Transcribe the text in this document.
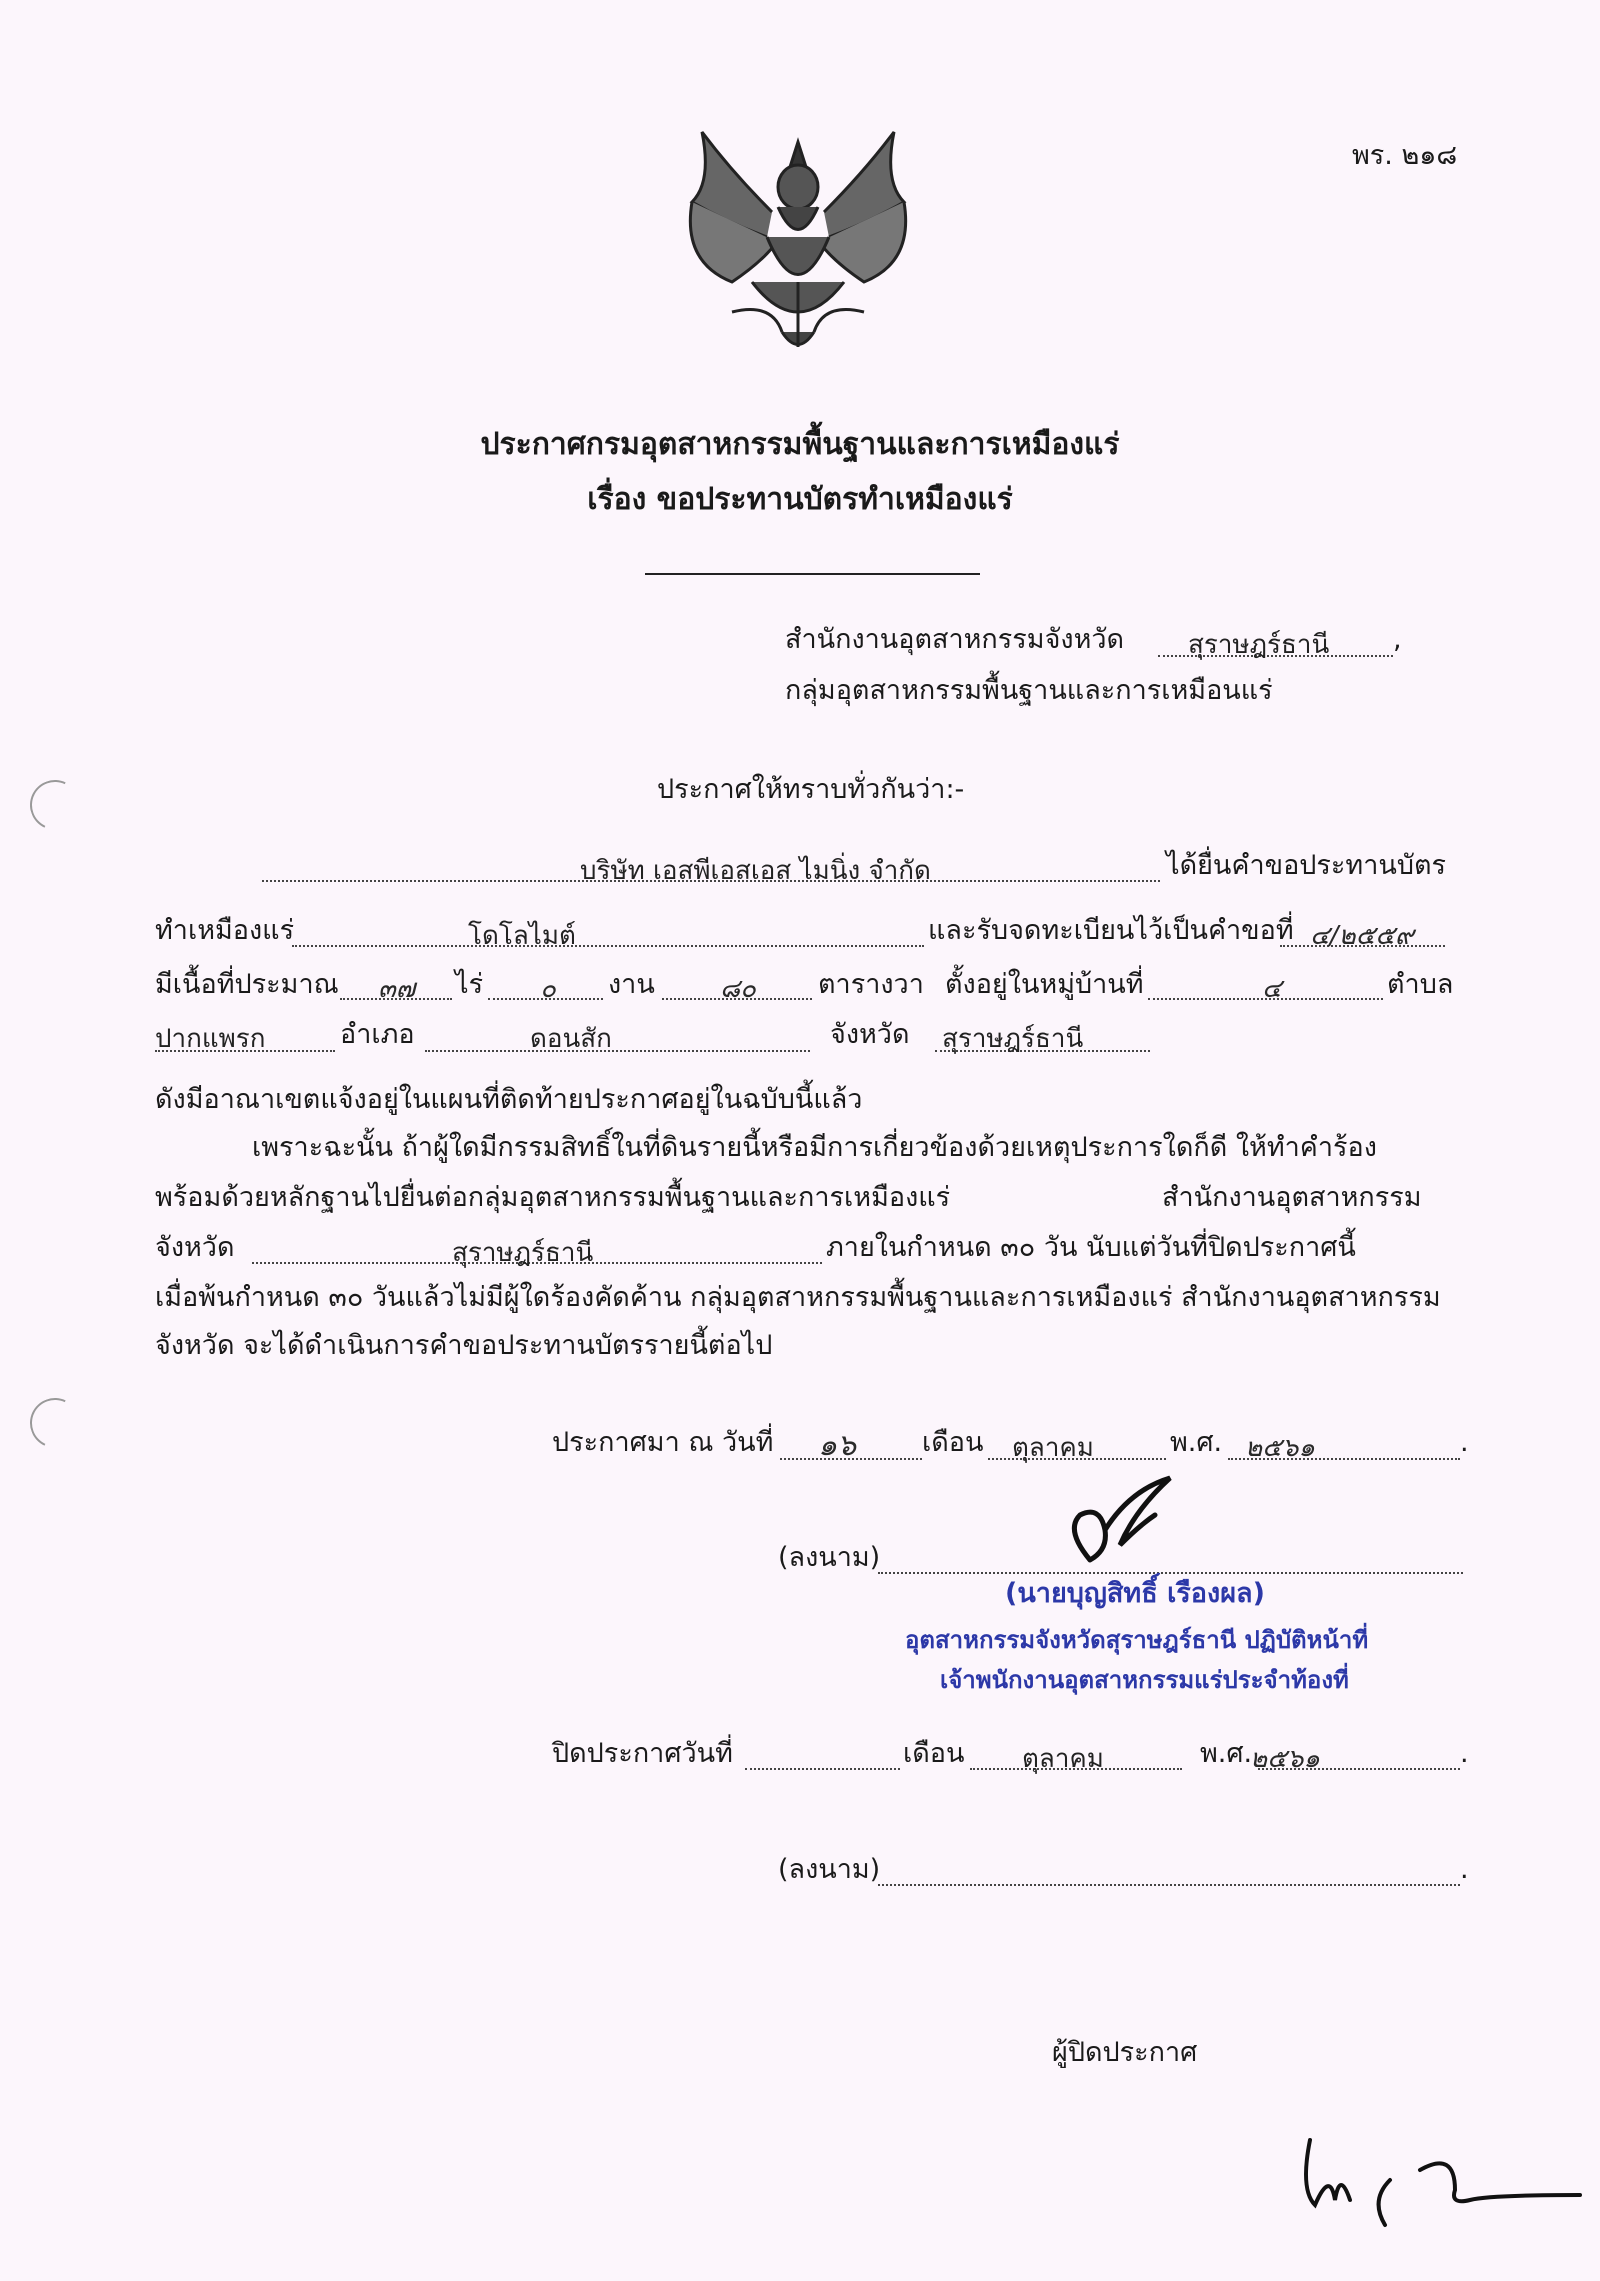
พร. ๒๑๘
ประกาศกรมอุตสาหกรรมพื้นฐานและการเหมืองแร่
เรื่อง ขอประทานบัตรทำเหมืองแร่
สำนักงานอุตสาหกรรมจังหวัด สุราษฎร์ธานี ,
กลุ่มอุตสาหกรรมพื้นฐานและการเหมือนแร่
ประกาศให้ทราบทั่วกันว่า:-
บริษัท เอสพีเอสเอส ไมนิ่ง จำกัด	ได้ยื่นคำขอประทานบัตร
ทำเหมืองแร่	โดโลไมต์	และรับจดทะเบียนไว้เป็นคำขอที่ ๔/๒๕๕๙
มีเนื้อที่ประมาณ ๓๗ ไร่ ๐ งาน	๘๐ ตารางวา ตั้งอยู่ในหมู่บ้านที่	๔	ตำบล
ปากแพรก	อำเภอ	ดอนสัก	จังหวัด สุราษฎร์ธานี
ดังมีอาณาเขตแจ้งอยู่ในแผนที่ติดท้ายประกาศอยู่ในฉบับนี้แล้ว
เพราะฉะนั้น ถ้าผู้ใดมีกรรมสิทธิ์ในที่ดินรายนี้หรือมีการเกี่ยวข้องด้วยเหตุประการใดก็ดี ให้ทำคำร้อง
พร้อมด้วยหลักฐานไปยื่นต่อกลุ่มอุตสาหกรรมพื้นฐานและการเหมืองแร่	สำนักงานอุตสาหกรรม
จังหวัด	สุราษฎร์ธานี	ภายในกำหนด ๓๐ วัน นับแต่วันที่ปิดประกาศนี้
เมื่อพ้นกำหนด ๓๐ วันแล้วไม่มีผู้ใดร้องคัดค้าน กลุ่มอุตสาหกรรมพื้นฐานและการเหมืองแร่ สำนักงานอุตสาหกรรม
จังหวัด จะได้ดำเนินการคำขอประทานบัตรรายนี้ต่อไป
ประกาศมา ณ วันที่ ๑๖ เดือน ตุลาคม	พ.ศ. ๒๕๖๑	.
(ลงนาม)
(นายบุญสิทธิ์ เรืองผล)
อุตสาหกรรมจังหวัดสุราษฎร์ธานี ปฏิบัติหน้าที่
เจ้าพนักงานอุตสาหกรรมแร่ประจำท้องที่
ปิดประกาศวันที่	เดือน ตุลาคม	พ.ศ.
๒๕๖๑	.
(ลงนาม)	.
ผู้ปิดประกาศ
